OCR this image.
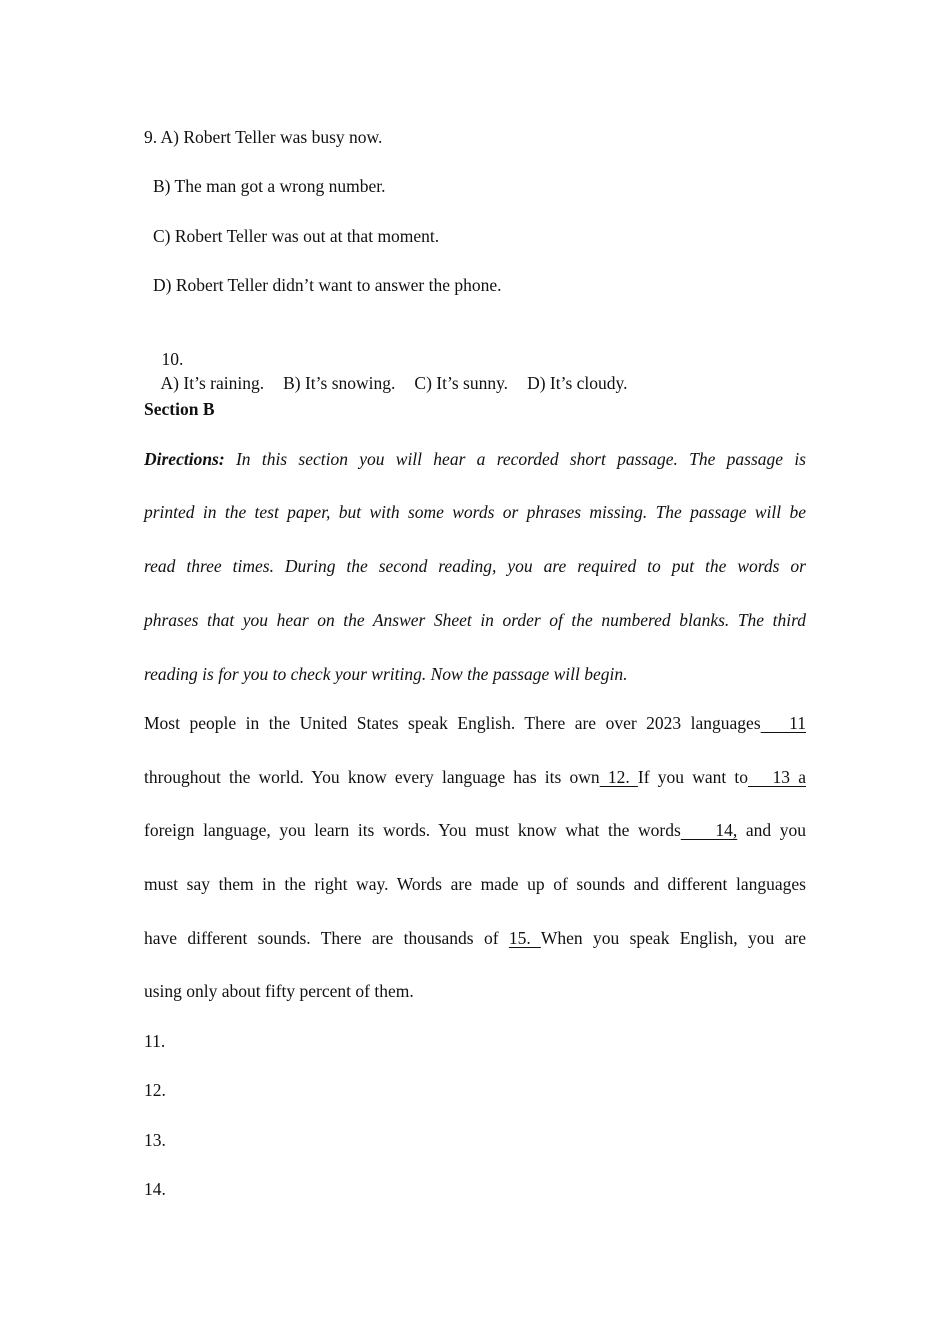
9. A) Robert Teller was busy now.
B) The man got a wrong number.
C) Robert Teller was out at that moment.
D) Robert Teller didn’t want to answer the phone.

10.
A) It’s raining. B) It’s snowing. C) It’s sunny. D) It’s cloudy.

Section B
Directions: In this section you will hear a recorded short passage. The passage is
printed in the test paper, but with some words or phrases missing. The passage will be
read three times. During the second reading, you are required to put the words or
phrases that you hear on the Answer Sheet in order of the numbered blanks. The third
reading is for you to check your writing. Now the passage will begin.
Most people in the United States speak English. There are over 2023 languages   11
throughout the world. You know every language has its own 12. If you want to   13 a
foreign language, you learn its words. You must know what the words    14, and you
must say them in the right way. Words are made up of sounds and different languages
have different sounds. There are thousands of 15. When you speak English, you are
using only about fifty percent of them.
11.
12.
13.
14.
